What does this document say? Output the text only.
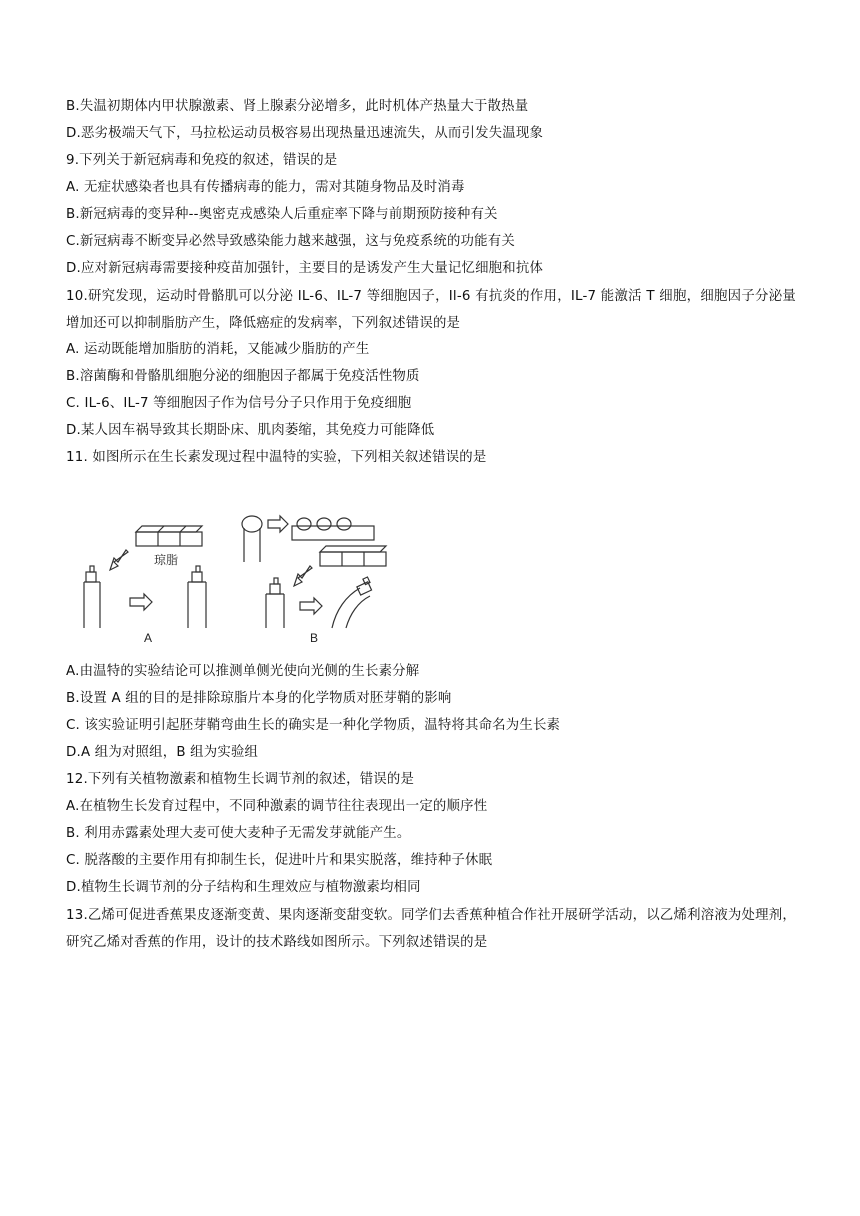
B.失温初期体内甲状腺激素、肾上腺素分泌增多，此时机体产热量大于散热量
D.恶劣极端天气下，马拉松运动员极容易出现热量迅速流失，从而引发失温现象
9.下列关于新冠病毒和免疫的叙述，错误的是
A. 无症状感染者也具有传播病毒的能力，需对其随身物品及时消毒
B.新冠病毒的变异种--奥密克戎感染人后重症率下降与前期预防接种有关
C.新冠病毒不断变异必然导致感染能力越来越强，这与免疫系统的功能有关
D.应对新冠病毒需要接种疫苗加强针，主要目的是诱发产生大量记忆细胞和抗体
10.研究发现，运动时骨骼肌可以分泌 IL-6、IL-7 等细胞因子，Il-6 有抗炎的作用，IL-7 能激活 T 细胞，细胞因子分泌量增加还可以抑制脂肪产生，降低癌症的发病率，下列叙述错误的是
A. 运动既能增加脂肪的消耗，又能减少脂肪的产生
B.溶菌酶和骨骼肌细胞分泌的细胞因子都属于免疫活性物质
C. IL-6、IL-7 等细胞因子作为信号分子只作用于免疫细胞
D.某人因车祸导致其长期卧床、肌肉萎缩，其免疫力可能降低
11. 如图所示在生长素发现过程中温特的实验，下列相关叙述错误的是
琼脂
A	B
A.由温特的实验结论可以推测单侧光使向光侧的生长素分解
B.设置 A 组的目的是排除琼脂片本身的化学物质对胚芽鞘的影响
C. 该实验证明引起胚芽鞘弯曲生长的确实是一种化学物质，温特将其命名为生长素
D.A 组为对照组，B 组为实验组
12.下列有关植物激素和植物生长调节剂的叙述，错误的是
A.在植物生长发育过程中，不同种激素的调节往往表现出一定的顺序性
B. 利用赤露素处理大麦可使大麦种子无需发芽就能产生。
C. 脱落酸的主要作用有抑制生长，促进叶片和果实脱落，维持种子休眠
D.植物生长调节剂的分子结构和生理效应与植物激素均相同
13.乙烯可促进香蕉果皮逐渐变黄、果肉逐渐变甜变软。同学们去香蕉种植合作社开展研学活动，以乙烯利溶液为处理剂，研究乙烯对香蕉的作用，设计的技术路线如图所示。下列叙述错误的是
